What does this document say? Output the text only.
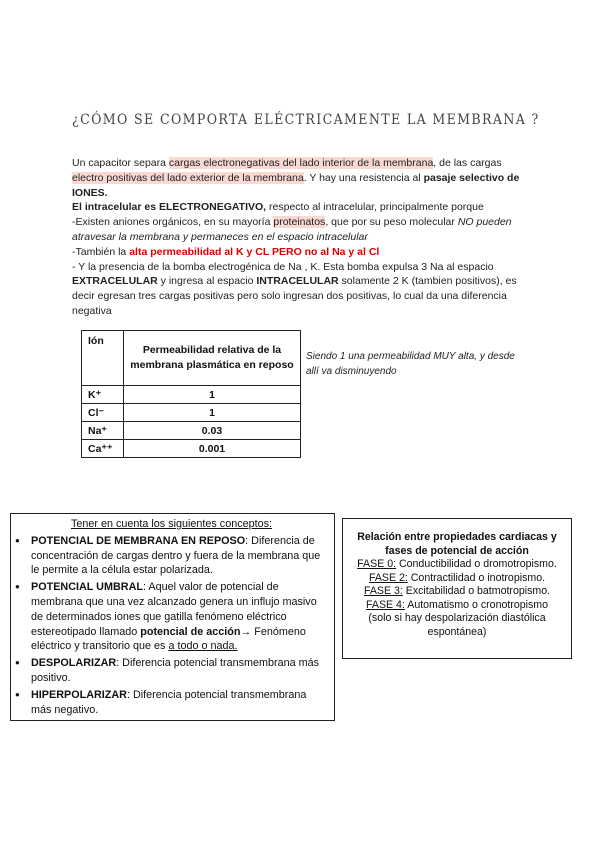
¿CÓMO SE COMPORTA ELÉCTRICAMENTE LA MEMBRANA ?
Un capacitor separa cargas electronegativas del lado interior de la membrana, de las cargas electro positivas del lado exterior de la membrana. Y hay una resistencia al pasaje selectivo de IONES.
El intracelular es ELECTRONEGATIVO, respecto al intracelular, principalmente porque
-Existen aniones orgánicos, en su mayoría proteinatos, que por su peso molecular NO pueden atravesar la membrana y permaneces en el espacio intracelular
-También la alta permeabilidad al K y CL PERO no al Na y al Cl
- Y la presencia de la bomba electrogénica de Na , K. Esta bomba expulsa 3 Na al espacio EXTRACELULAR y ingresa al espacio INTRACELULAR solamente 2 K (tambien positivos), es decir egresan tres cargas positivas pero solo ingresan dos positivas, lo cual da una diferencia negativa
Ión	Permeabilidad relativa de la membrana plasmática en reposo
K⁺	1
Cl⁻	1
Na⁺	0.03
Ca⁺⁺	0.001
Siendo 1 una permeabilidad MUY alta, y desde allí va disminuyendo
Tener en cuenta los siguientes conceptos:
● POTENCIAL DE MEMBRANA EN REPOSO: Diferencia de concentración de cargas dentro y fuera de la membrana que le permite a la célula estar polarizada.
● POTENCIAL UMBRAL: Aquel valor de potencial de membrana que una vez alcanzado genera un influjo masivo de determinados iones que gatilla fenómeno eléctrico estereotipado llamado potencial de acción→ Fenómeno eléctrico y transitorio que es a todo o nada.
● DESPOLARIZAR: Diferencia potencial transmembrana más positivo.
● HIPERPOLARIZAR: Diferencia potencial transmembrana más negativo.
Relación entre propiedades cardiacas y fases de potencial de acción
FASE 0: Conductibilidad o dromotropismo.
FASE 2: Contractilidad o inotropismo.
FASE 3: Excitabilidad o batmotropismo.
FASE 4: Automatismo o cronotropismo
(solo si hay despolarización diastólica espontánea)
